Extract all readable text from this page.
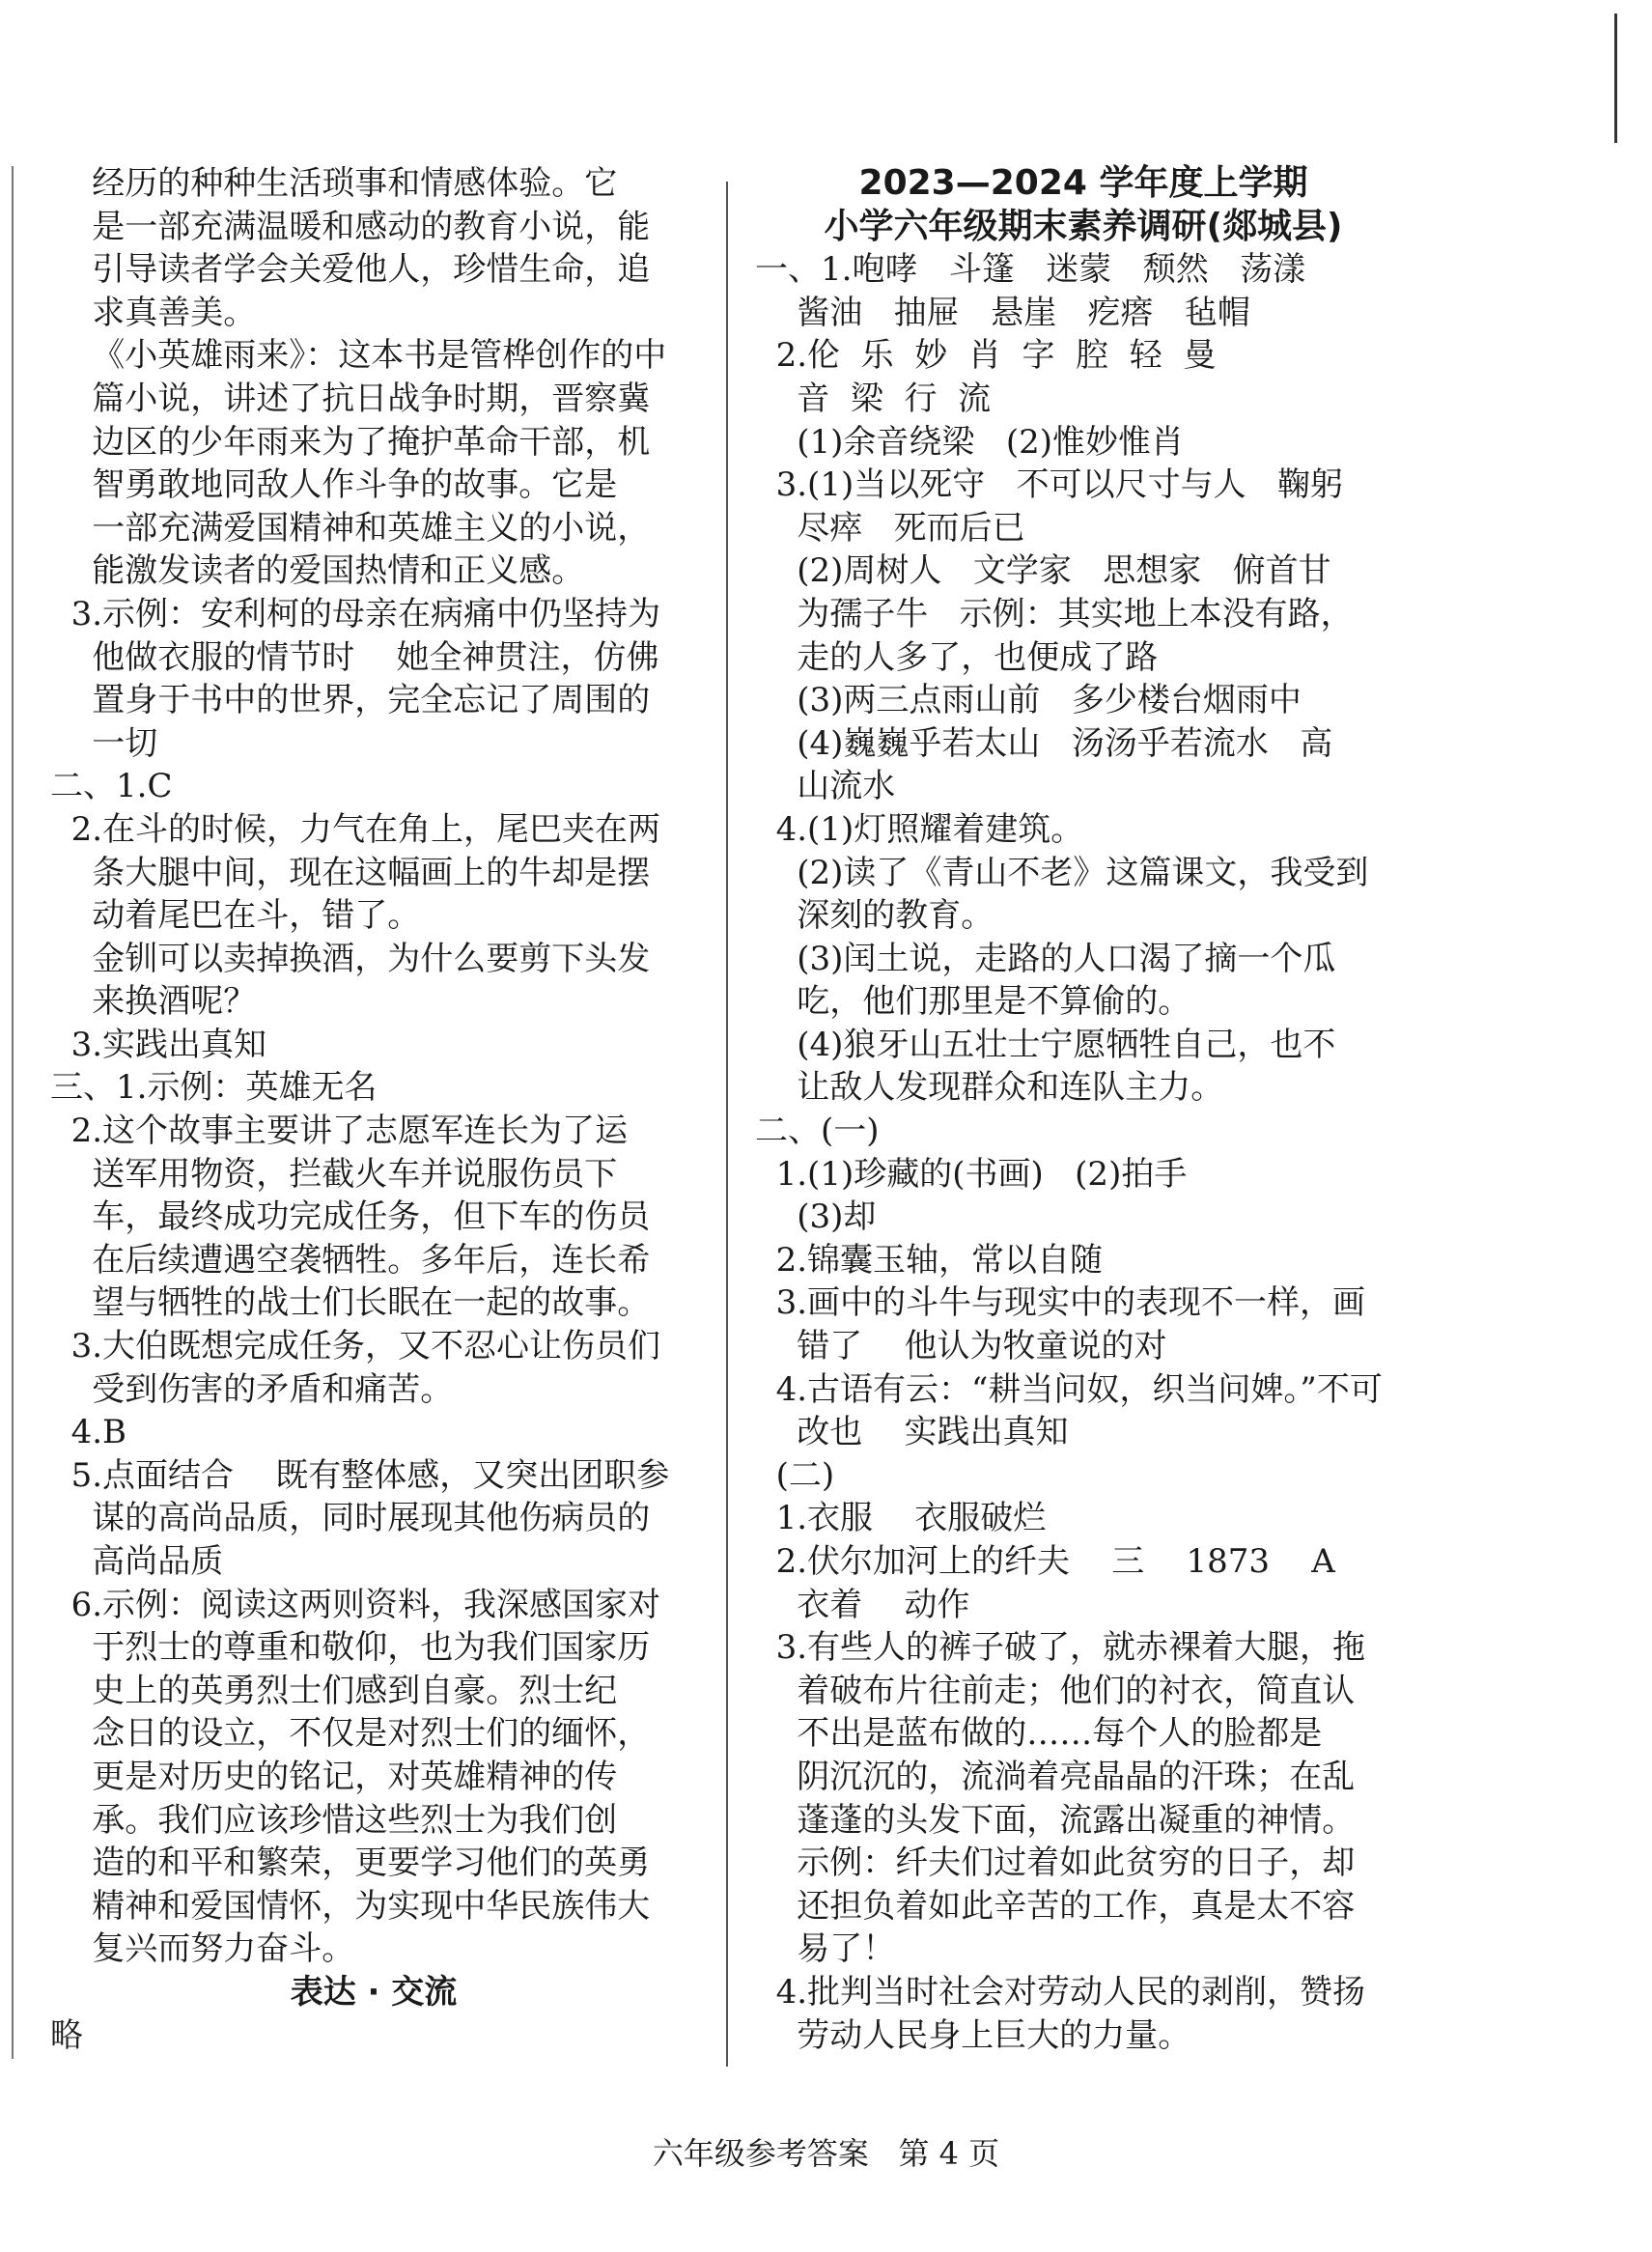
经历的种种生活琐事和情感体验。它
是一部充满温暖和感动的教育小说，能
引导读者学会关爱他人，珍惜生命，追
求真善美。
《小英雄雨来》：这本书是管桦创作的中
篇小说，讲述了抗日战争时期，晋察冀
边区的少年雨来为了掩护革命干部，机
智勇敢地同敌人作斗争的故事。它是
一部充满爱国精神和英雄主义的小说，
能激发读者的爱国热情和正义感。
3.示例：安利柯的母亲在病痛中仍坚持为
他做衣服的情节时    她全神贯注，仿佛
置身于书中的世界，完全忘记了周围的
一切
二、1.C
2.在斗的时候，力气在角上，尾巴夹在两
条大腿中间，现在这幅画上的牛却是摆
动着尾巴在斗，错了。
金钏可以卖掉换酒，为什么要剪下头发
来换酒呢？
3.实践出真知
三、1.示例：英雄无名
2.这个故事主要讲了志愿军连长为了运
送军用物资，拦截火车并说服伤员下
车，最终成功完成任务，但下车的伤员
在后续遭遇空袭牺牲。多年后，连长希
望与牺牲的战士们长眠在一起的故事。
3.大伯既想完成任务，又不忍心让伤员们
受到伤害的矛盾和痛苦。
4.B
5.点面结合    既有整体感，又突出团职参
谋的高尚品质，同时展现其他伤病员的
高尚品质
6.示例：阅读这两则资料，我深感国家对
于烈士的尊重和敬仰，也为我们国家历
史上的英勇烈士们感到自豪。烈士纪
念日的设立，不仅是对烈士们的缅怀，
更是对历史的铭记，对英雄精神的传
承。我们应该珍惜这些烈士为我们创
造的和平和繁荣，更要学习他们的英勇
精神和爱国情怀，为实现中华民族伟大
复兴而努力奋斗。
表达 · 交流
略
2023—2024 学年度上学期
小学六年级期末素养调研(郯城县)
一、1.咆哮   斗篷   迷蒙   颓然   荡漾
酱油   抽屉   悬崖   疙瘩   毡帽
2.伦  乐  妙  肖  字  腔  轻  曼
音  梁  行  流
(1)余音绕梁   (2)惟妙惟肖
3.(1)当以死守   不可以尺寸与人   鞠躬
尽瘁   死而后已
(2)周树人   文学家   思想家   俯首甘
为孺子牛   示例：其实地上本没有路，
走的人多了，也便成了路
(3)两三点雨山前   多少楼台烟雨中
(4)巍巍乎若太山   汤汤乎若流水   高
山流水
4.(1)灯照耀着建筑。
(2)读了《青山不老》这篇课文，我受到
深刻的教育。
(3)闰土说，走路的人口渴了摘一个瓜
吃，他们那里是不算偷的。
(4)狼牙山五壮士宁愿牺牲自己，也不
让敌人发现群众和连队主力。
二、(一)
1.(1)珍藏的(书画)   (2)拍手
(3)却
2.锦囊玉轴，常以自随
3.画中的斗牛与现实中的表现不一样，画
错了    他认为牧童说的对
4.古语有云：“耕当问奴，织当问婢。”不可
改也    实践出真知
(二)
1.衣服    衣服破烂
2.伏尔加河上的纤夫    三    1873    A
衣着    动作
3.有些人的裤子破了，就赤裸着大腿，拖
着破布片往前走；他们的衬衣，简直认
不出是蓝布做的……每个人的脸都是
阴沉沉的，流淌着亮晶晶的汗珠；在乱
蓬蓬的头发下面，流露出凝重的神情。
示例：纤夫们过着如此贫穷的日子，却
还担负着如此辛苦的工作，真是太不容
易了！
4.批判当时社会对劳动人民的剥削，赞扬
劳动人民身上巨大的力量。
六年级参考答案   第 4 页
